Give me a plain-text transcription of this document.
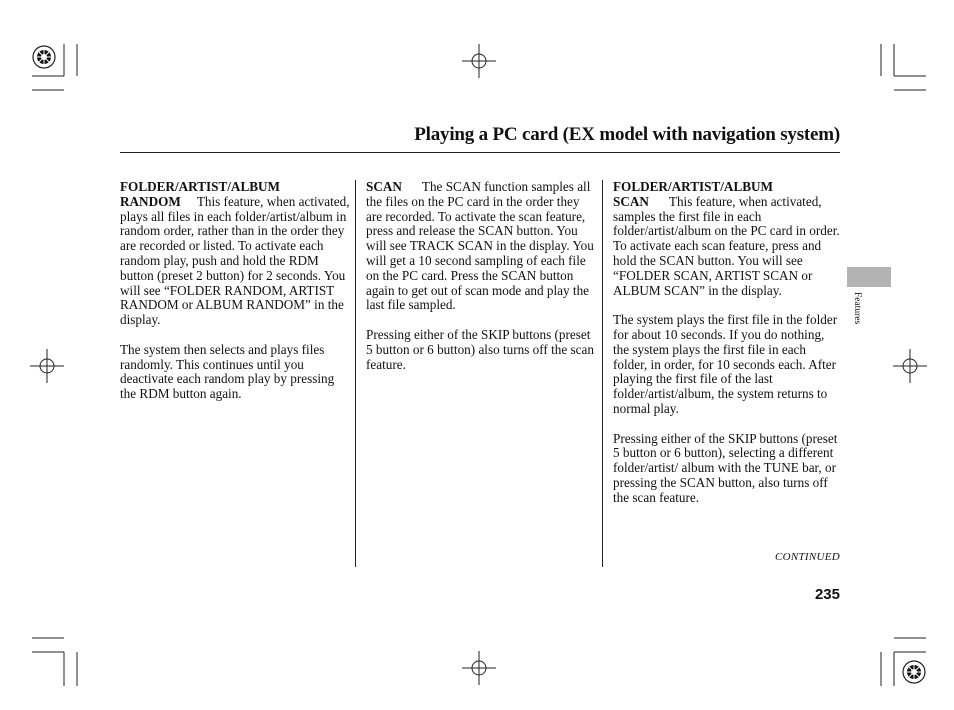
Playing a PC card (EX model with navigation system)

FOLDER/ARTIST/ALBUM
RANDOM This feature, when activated, plays all files in each folder/artist/album in random order, rather than in the order they are recorded or listed. To activate each random play, push and hold the RDM button (preset 2 button) for 2 seconds. You will see “FOLDER RANDOM, ARTIST RANDOM or ALBUM RANDOM” in the display.

The system then selects and plays files randomly. This continues until you deactivate each random play by pressing the RDM button again.

SCAN The SCAN function samples all the files on the PC card in the order they are recorded. To activate the scan feature, press and release the SCAN button. You will see TRACK SCAN in the display. You will get a 10 second sampling of each file on the PC card. Press the SCAN button again to get out of scan mode and play the last file sampled.

Pressing either of the SKIP buttons (preset 5 button or 6 button) also turns off the scan feature.

FOLDER/ARTIST/ALBUM
SCAN This feature, when activated, samples the first file in each folder/artist/album on the PC card in order. To activate each scan feature, press and hold the SCAN button. You will see “FOLDER SCAN, ARTIST SCAN or ALBUM SCAN” in the display.

The system plays the first file in the folder for about 10 seconds. If you do nothing, the system plays the first file in each folder, in order, for 10 seconds each. After playing the first file of the last folder/artist/album, the system returns to normal play.

Pressing either of the SKIP buttons (preset 5 button or 6 button), selecting a different folder/artist/ album with the TUNE bar, or pressing the SCAN button, also turns off the scan feature.

CONTINUED
235
Features
